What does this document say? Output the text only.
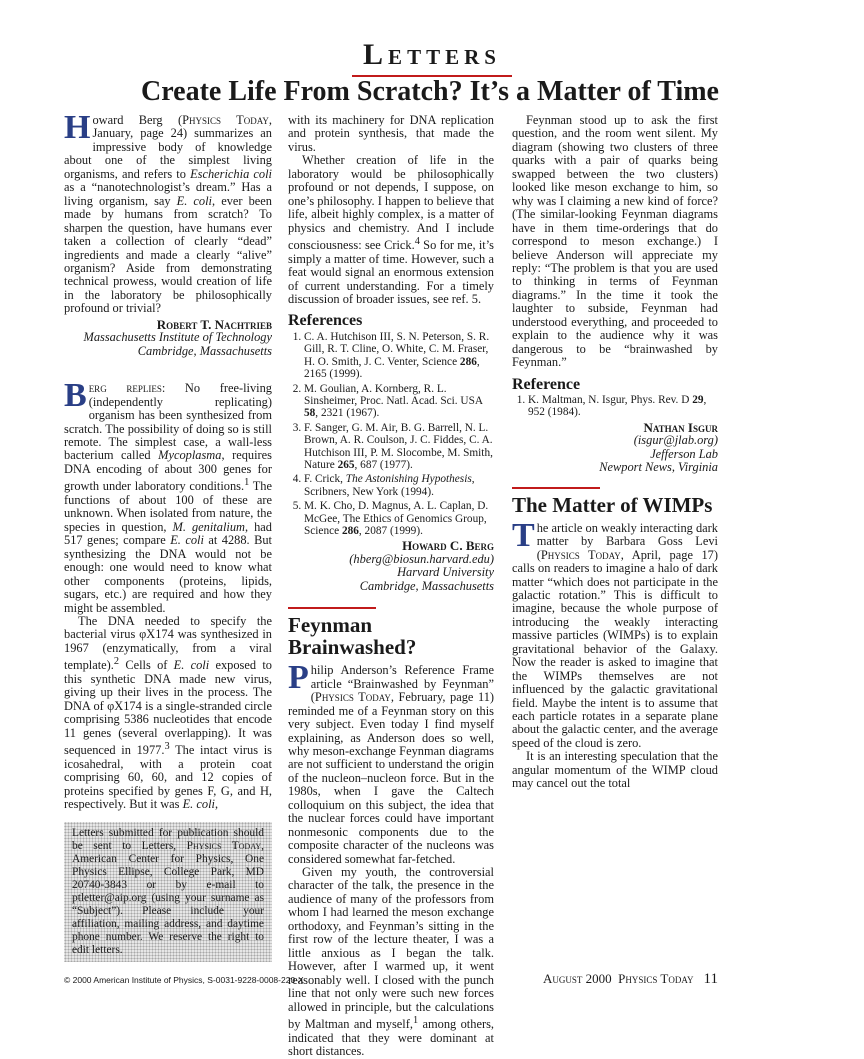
Letters
Create Life From Scratch? It’s a Matter of Time

Howard Berg (Physics Today, January, page 24) summarizes an impressive body of knowledge about one of the simplest living organisms, and refers to Escherichia coli as a “nanotechnologist’s dream.” Has a living organism, say E. coli, ever been made by humans from scratch? To sharpen the question, have humans ever taken a collection of clearly “dead” ingredients and made a clearly “alive” organism? Aside from demonstrating technical prowess, would creation of life in the laboratory be philosophically profound or trivial?

Robert T. Nachtrieb
Massachusetts Institute of Technology
Cambridge, Massachusetts

Berg replies: No free-living (independently replicating) organism has been synthesized from scratch. The possibility of doing so is still remote. The simplest case, a wall-less bacterium called Mycoplasma, requires DNA encoding of about 300 genes for growth under laboratory conditions.$^1$ The functions of about 100 of these are unknown. When isolated from nature, the species in question, M. genitalium, had 517 genes; compare E. coli at 4288. But synthesizing the DNA would not be enough: one would need to know what other components (proteins, lipids, sugars, etc.) are required and how they might be assembled.

The DNA needed to specify the bacterial virus φX174 was synthesized in 1967 (enzymatically, from a viral template).$^2$ Cells of E. coli exposed to this synthetic DNA made new virus, giving up their lives in the process. The DNA of φX174 is a single-stranded circle comprising 5386 nucleotides that encode 11 genes (several overlapping). It was sequenced in 1977.$^3$ The intact virus is icosahedral, with a protein coat comprising 60, 60, and 12 copies of proteins specified by genes F, G, and H, respectively. But it was E. coli,

Letters submitted for publication should be sent to Letters, Physics Today, American Center for Physics, One Physics Ellipse, College Park, MD 20740-3843 or by e-mail to ptletter@aip.org (using your surname as “Subject”). Please include your affiliation, mailing address, and daytime phone number. We reserve the right to edit letters.

with its machinery for DNA replication and protein synthesis, that made the virus.

Whether creation of life in the laboratory would be philosophically profound or not depends, I suppose, on one’s philosophy. I happen to believe that life, albeit highly complex, is a matter of physics and chemistry. And I include consciousness: see Crick.$^4$ So for me, it’s simply a matter of time. However, such a feat would signal an enormous extension of current understanding. For a timely discussion of broader issues, see ref. 5.

References
1. C. A. Hutchison III, S. N. Peterson, S. R. Gill, R. T. Cline, O. White, C. M. Fraser, H. O. Smith, J. C. Venter, Science 286, 2165 (1999).
2. M. Goulian, A. Kornberg, R. L. Sinsheimer, Proc. Natl. Acad. Sci. USA 58, 2321 (1967).
3. F. Sanger, G. M. Air, B. G. Barrell, N. L. Brown, A. R. Coulson, J. C. Fiddes, C. A. Hutchison III, P. M. Slocombe, M. Smith, Nature 265, 687 (1977).
4. F. Crick, The Astonishing Hypothesis, Scribners, New York (1994).
5. M. K. Cho, D. Magnus, A. L. Caplan, D. McGee, The Ethics of Genomics Group, Science 286, 2087 (1999).
Howard C. Berg
(hberg@biosun.harvard.edu)
Harvard University
Cambridge, Massachusetts
Feynman Brainwashed?

Philip Anderson’s Reference Frame article “Brainwashed by Feynman” (Physics Today, February, page 11) reminded me of a Feynman story on this very subject. Even today I find myself explaining, as Anderson does so well, why meson-exchange Feynman diagrams are not sufficient to understand the origin of the nucleon–nucleon force. But in the 1980s, when I gave the Caltech colloquium on this subject, the idea that the nuclear forces could have important nonmesonic components due to the composite character of the nucleons was considered somewhat far-fetched.

Given my youth, the controversial character of the talk, the presence in the audience of many of the professors from whom I had learned the meson exchange orthodoxy, and Feynman’s sitting in the first row of the lecture theater, I was a little anxious as I began the talk. However, after I warmed up, it went reasonably well. I closed with the punch line that not only were such new forces allowed in principle, but the calculations by Maltman and myself,$^1$ among others, indicated that they were dominant at short distances.

Feynman stood up to ask the first question, and the room went silent. My diagram (showing two clusters of three quarks with a pair of quarks being swapped between the two clusters) looked like meson exchange to him, so why was I claiming a new kind of force? (The similar-looking Feynman diagrams have in them time-orderings that do correspond to meson exchange.) I believe Anderson will appreciate my reply: “The problem is that you are used to thinking in terms of Feynman diagrams.” In the time it took the laughter to subside, Feynman had understood everything, and proceeded to explain to the audience why it was dangerous to be “brainwashed by Feynman.”

Reference
1. K. Maltman, N. Isgur, Phys. Rev. D 29, 952 (1984).
Nathan Isgur
(isgur@jlab.org)
Jefferson Lab
Newport News, Virginia
The Matter of WIMPs

The article on weakly interacting dark matter by Barbara Goss Levi (Physics Today, April, page 17) calls on readers to imagine a halo of dark matter “which does not participate in the galactic rotation.” This is difficult to imagine, because the whole purpose of introducing the weakly interacting massive particles (WIMPs) is to explain gravitational behavior of the Galaxy. Now the reader is asked to imagine that the WIMPs themselves are not influenced by the galactic gravitational field. Maybe the intent is to assume that each particle rotates in a separate plane about the galactic center, and the average speed of the cloud is zero.

It is an interesting speculation that the angular momentum of the WIMP cloud may cancel out the total

© 2000 American Institute of Physics, S-0031-9228-0008-220-X	August 2000 Physics Today 11
